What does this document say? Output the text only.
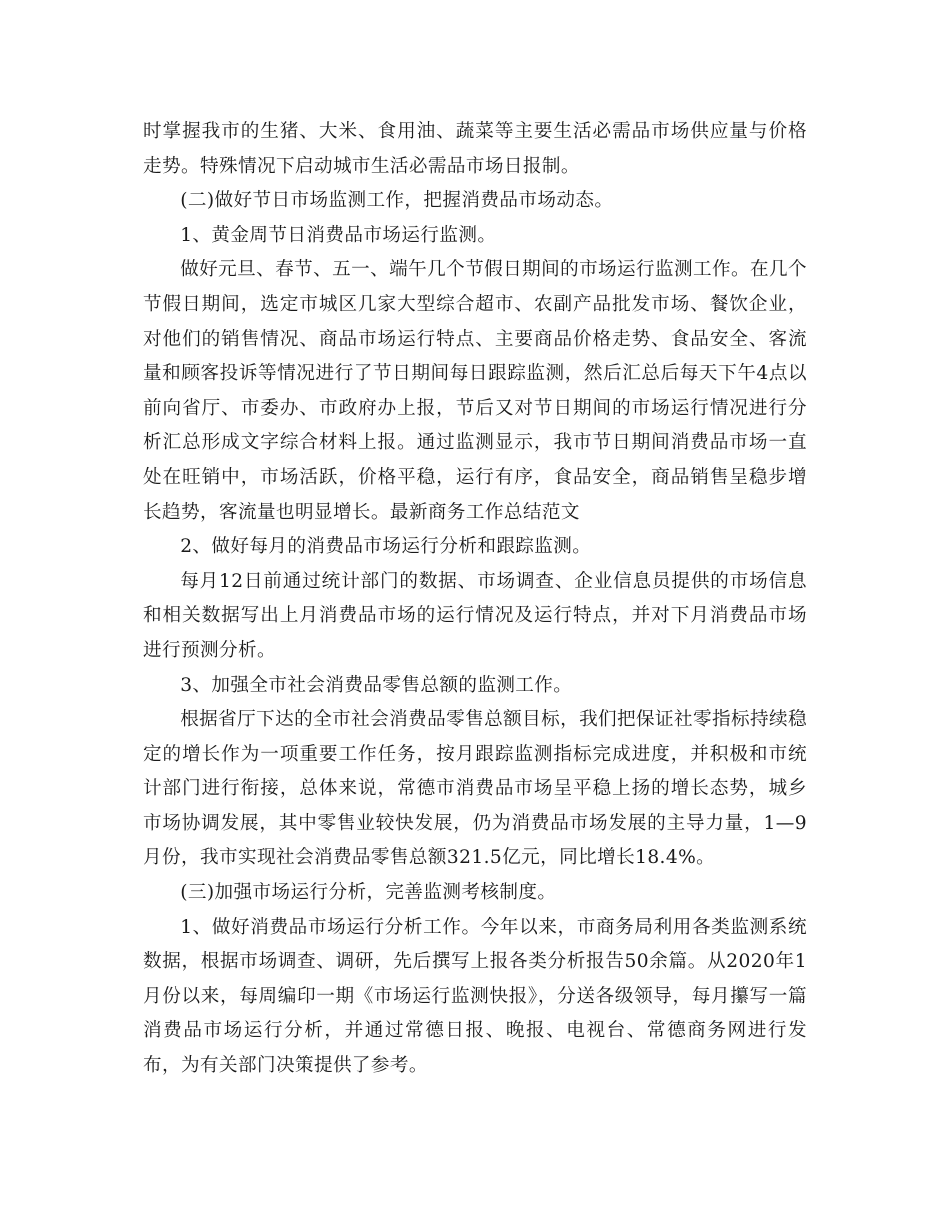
时掌握我市的生猪、大米、食用油、蔬菜等主要生活必需品市场供应量与价格走势。特殊情况下启动城市生活必需品市场日报制。

(二)做好节日市场监测工作，把握消费品市场动态。

1、黄金周节日消费品市场运行监测。

做好元旦、春节、五一、端午几个节假日期间的市场运行监测工作。在几个节假日期间，选定市城区几家大型综合超市、农副产品批发市场、餐饮企业，对他们的销售情况、商品市场运行特点、主要商品价格走势、食品安全、客流量和顾客投诉等情况进行了节日期间每日跟踪监测，然后汇总后每天下午4点以前向省厅、市委办、市政府办上报，节后又对节日期间的市场运行情况进行分析汇总形成文字综合材料上报。通过监测显示，我市节日期间消费品市场一直处在旺销中，市场活跃，价格平稳，运行有序，食品安全，商品销售呈稳步增长趋势，客流量也明显增长。最新商务工作总结范文

2、做好每月的消费品市场运行分析和跟踪监测。

每月12日前通过统计部门的数据、市场调查、企业信息员提供的市场信息和相关数据写出上月消费品市场的运行情况及运行特点，并对下月消费品市场进行预测分析。

3、加强全市社会消费品零售总额的监测工作。

根据省厅下达的全市社会消费品零售总额目标，我们把保证社零指标持续稳定的增长作为一项重要工作任务，按月跟踪监测指标完成进度，并积极和市统计部门进行衔接，总体来说，常德市消费品市场呈平稳上扬的增长态势，城乡市场协调发展，其中零售业较快发展，仍为消费品市场发展的主导力量，1—9月份，我市实现社会消费品零售总额321.5亿元，同比增长18.4%。

(三)加强市场运行分析，完善监测考核制度。

1、做好消费品市场运行分析工作。今年以来，市商务局利用各类监测系统数据，根据市场调查、调研，先后撰写上报各类分析报告50余篇。从2020年1月份以来，每周编印一期《市场运行监测快报》，分送各级领导，每月攥写一篇消费品市场运行分析，并通过常德日报、晚报、电视台、常德商务网进行发布，为有关部门决策提供了参考。
